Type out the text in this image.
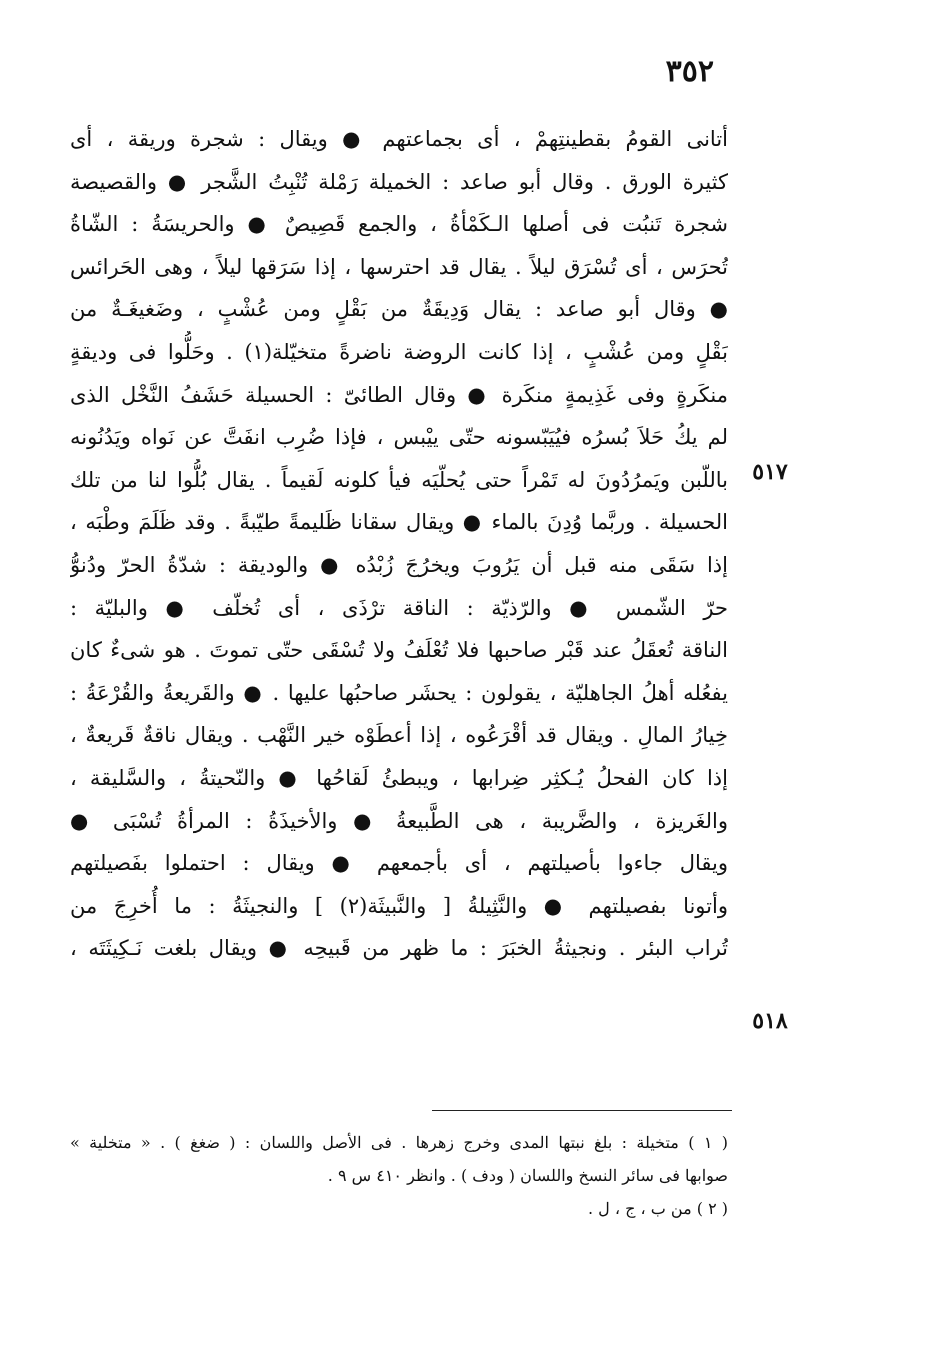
٣٥٢
أتانى القومُ بقطينتِهمْ ، أى بجماعتهم ● ويقال : شجرة وريقة ، أى
كثيرة الورق . وقال أبو صاعد : الخميلة رَمْلة تُنْبِتُ الشَّجر ● والقصيصة
شجرة تَنبُت فى أصلها الـكَمْأةُ ، والجمع قَصِيصٌ ● والحريسَةُ : الشّاةُ
تُحرَس ، أى تُسْرَق ليلاً . يقال قد احترسها ، إذا سَرَقها ليلاً ، وهى الحَرائس
● وقال أبو صاعد : يقال وَدِيقَةٌ من بَقْلٍ ومن عُشْبٍ ، وضَغيغَـةٌ من
بَقْلٍ ومن عُشْبٍ ، إذا كانت الروضة ناضرةً متخيّلة(١) . وحَلُّوا فى وديقةٍ
منكَرةٍ وفى غَذِيمةٍ منكَرة ● وقال الطائىّ : الحسيلة حَشَفُ النَّخْل الذى
لم يكُ حَلاَ بُسرُه فيُيَبّسونه حتّى ييْبس ، فإذا ضُرِب انفَتَّ عن نَواه ويَدُنُونه
باللّبن ويَمرُدُونَ له تَمْراً حتى يُحلّيَه فيأ كلونه لَقيماً . يقال بُلُّوا لنا من تلك
الحسيلة . وربَّما وُدِنَ بالماء ● ويقال سقانا ظَليمةً طيّبةً . وقد ظَلَمَ وطْبَه ،
إذا سَقَى منه قبل أن يَرُوبَ ويخرُجَ زُبْدُه ● والوديقة : شدّةُ الحرّ ودُنوُّ
حرّ الشّمس ● والرّذيّة : الناقة ترْذَى ، أى تُخلّف ● والبليّة :
الناقة تُعقَلُ عند قَبْر صاحبها فلا تُعْلَفُ ولا تُسْقَى حتّى تموتَ . هو شىءٌ كان
يفعُله أهلُ الجاهليّة ، يقولون : يحشَر صاحبُها عليها . ● والقَريعةُ والقُرْعَةُ :
خِيارُ المالِ . ويقال قد أقْرَعُوه ، إذا أعطَوْه خير النَّهْب . ويقال ناقةٌ قَريعةٌ ،
إذا كان الفحلُ يُـكثِر ضِرابها ، ويبطئُ لَقاحُها ● والنّحيتةُ ، والسَّليقة ،
والغَريزة ، والضَّريبة ، هى الطَّبيعةُ ● والأخيذَةُ : المرأةُ تُسْبَى ●
ويقال جاءوا بأصيلتهم ، أى بأجمعهم ● ويقال : احتملوا بفَصيلتهم
وأتونا بفصيلتهم ● والنَّثِيلةُ [ والنَّبيثَة(٢) ] والنجيثَةُ : ما أُخرِجَ من
تُراب البئر . ونجيثةُ الخبَرَ : ما ظهر من قَبيحِه ● ويقال بلغت نَـكِيثَتَه ،
٥١٧
٥١٨
( ١ ) متخيلة : بلغ نبتها المدى وخرج زهرها . فى الأصل واللسان : ( ضغغ ) . « متخلية »
صوابها فى سائر النسخ واللسان ( ودف ) . وانظر ٤١٠ س ٩ .
( ٢ ) من ب ، ج ، ل .
